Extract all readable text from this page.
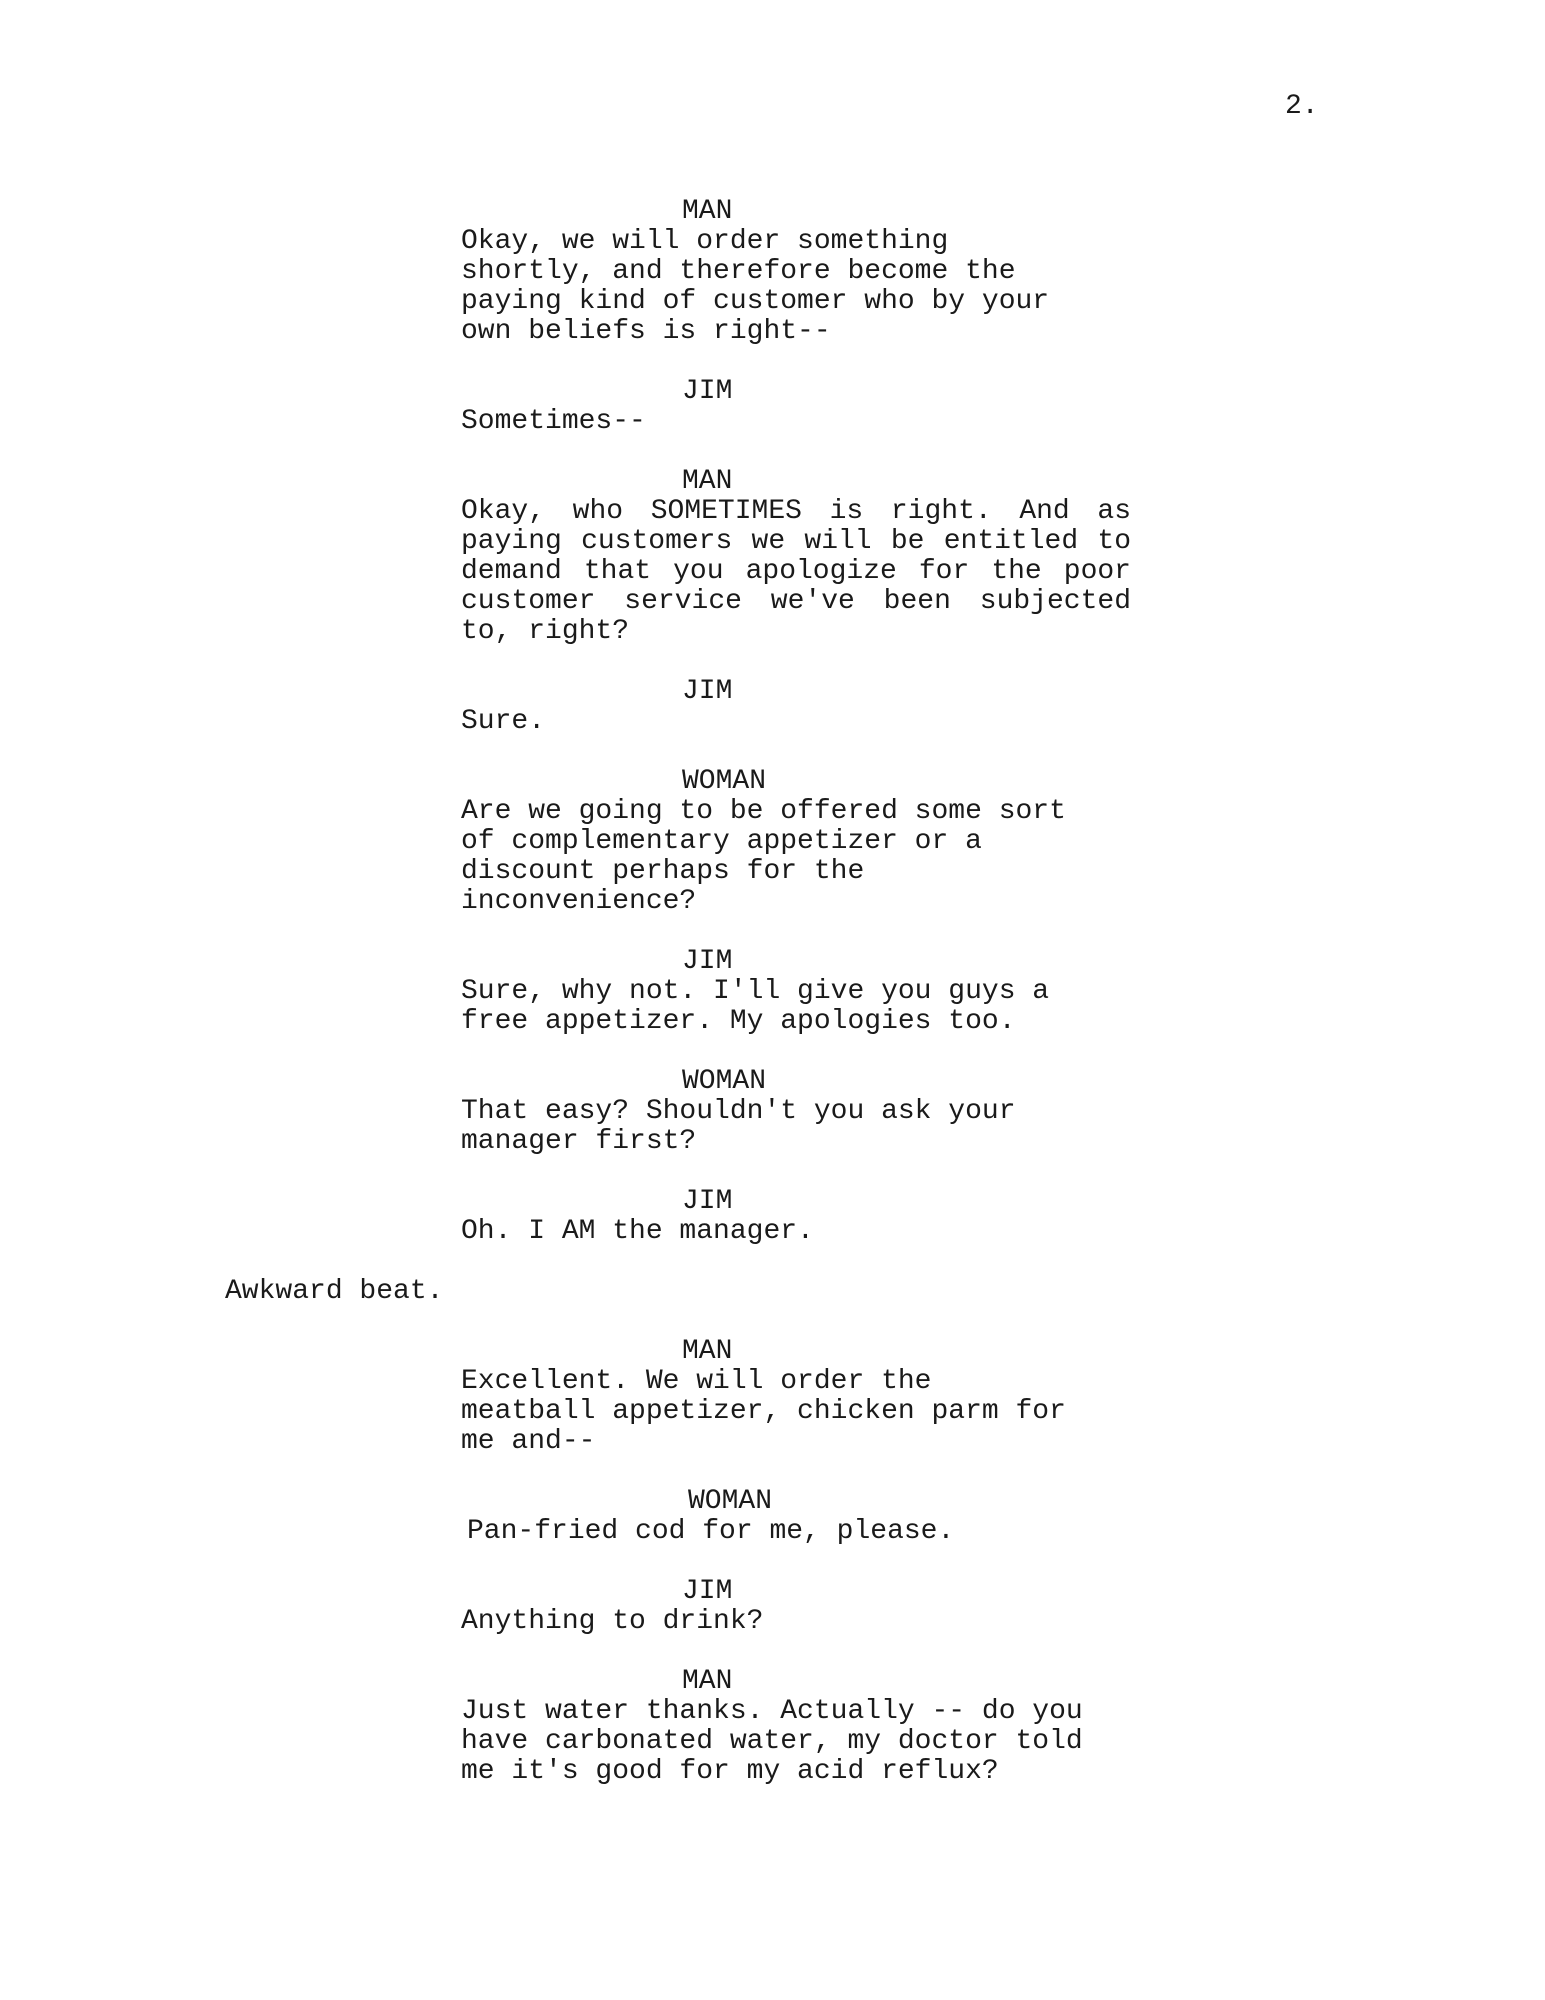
2.
MAN
Okay, we will order something
shortly, and therefore become the
paying kind of customer who by your
own beliefs is right--
JIM
Sometimes--
MAN
Okay, who SOMETIMES is right. And as paying customers we will be entitled to demand that you apologize for the poor customer service we've been subjected to, right?
JIM
Sure.
WOMAN
Are we going to be offered some sort
of complementary appetizer or a
discount perhaps for the
inconvenience?
JIM
Sure, why not. I'll give you guys a
free appetizer. My apologies too.
WOMAN
That easy? Shouldn't you ask your
manager first?
JIM
Oh. I AM the manager.
Awkward beat.
MAN
Excellent. We will order the
meatball appetizer, chicken parm for
me and--
WOMAN
Pan-fried cod for me, please.
JIM
Anything to drink?
MAN
Just water thanks. Actually -- do you
have carbonated water, my doctor told
me it's good for my acid reflux?
